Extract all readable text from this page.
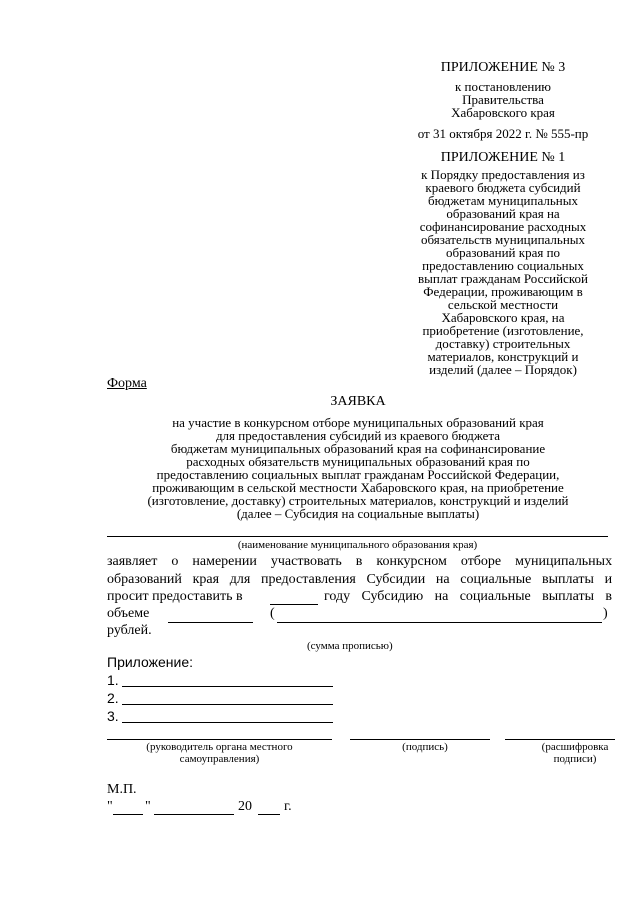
ПРИЛОЖЕНИЕ № 3
к постановлению
Правительства
Хабаровского края
от 31 октября 2022 г. № 555-пр
ПРИЛОЖЕНИЕ № 1
к Порядку предоставления из
краевого бюджета субсидий
бюджетам муниципальных
образований края на
софинансирование расходных
обязательств муниципальных
образований края по
предоставлению социальных
выплат гражданам Российской
Федерации, проживающим в
сельской местности
Хабаровского края, на
приобретение (изготовление,
доставку) строительных
материалов, конструкций и
изделий (далее – Порядок)
Форма
ЗАЯВКА
на участие в конкурсном отборе муниципальных образований края
для предоставления субсидий из краевого бюджета
бюджетам муниципальных образований края на софинансирование
расходных обязательств муниципальных образований края по
предоставлению социальных выплат гражданам Российской Федерации,
проживающим в сельской местности Хабаровского края, на приобретение
(изготовление, доставку) строительных материалов, конструкций и изделий
(далее – Субсидия на социальные выплаты)
(наименование муниципального образования края)
заявляет о намерении участвовать в конкурсном отборе муниципальных
образований края для предоставления Субсидии на социальные выплаты и
просит предоставить в	году Субсидию на социальные выплаты в
объеме	(	)
рублей.
(сумма прописью)
Приложение:
1.
2.
3.
(руководитель органа местного
самоуправления)
(подпись)	(расшифровка
подписи)
М.П.
" "	20 г.
